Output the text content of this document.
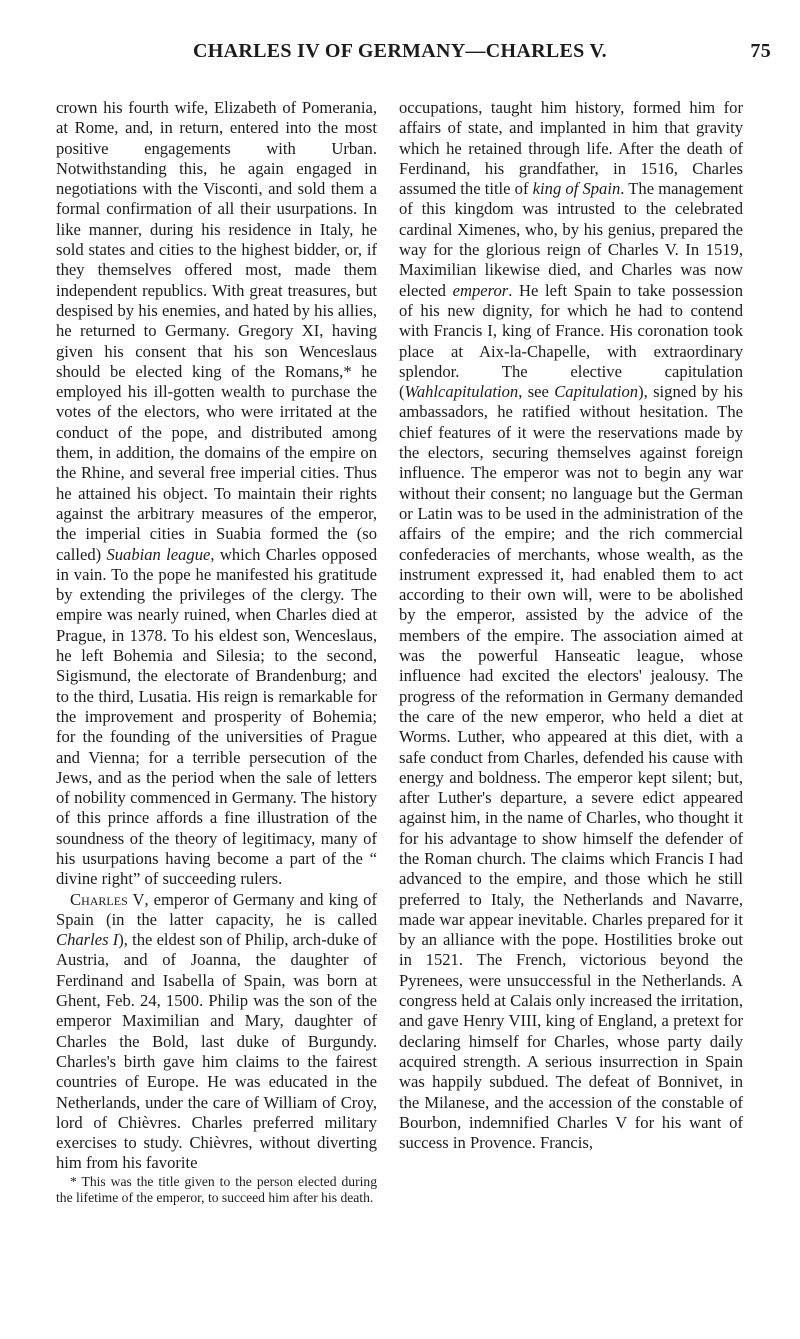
CHARLES IV OF GERMANY—CHARLES V.	75

crown his fourth wife, Elizabeth of Pomerania, at Rome, and, in return, entered into the most positive engagements with Urban. Notwithstanding this, he again engaged in negotiations with the Visconti, and sold them a formal confirmation of all their usurpations. In like manner, during his residence in Italy, he sold states and cities to the highest bidder, or, if they themselves offered most, made them independent republics. With great treasures, but despised by his enemies, and hated by his allies, he returned to Germany. Gregory XI, having given his consent that his son Wenceslaus should be elected king of the Romans,* he employed his ill-gotten wealth to purchase the votes of the electors, who were irritated at the conduct of the pope, and distributed among them, in addition, the domains of the empire on the Rhine, and several free imperial cities. Thus he attained his object. To maintain their rights against the arbitrary measures of the emperor, the imperial cities in Suabia formed the (so called) Suabian league, which Charles opposed in vain. To the pope he manifested his gratitude by extending the privileges of the clergy. The empire was nearly ruined, when Charles died at Prague, in 1378. To his eldest son, Wenceslaus, he left Bohemia and Silesia; to the second, Sigismund, the electorate of Brandenburg; and to the third, Lusatia. His reign is remarkable for the improvement and prosperity of Bohemia; for the founding of the universities of Prague and Vienna; for a terrible persecution of the Jews, and as the period when the sale of letters of nobility commenced in Germany. The history of this prince affords a fine illustration of the soundness of the theory of legitimacy, many of his usurpations having become a part of the “ divine right” of succeeding rulers.

Charles V, emperor of Germany and king of Spain (in the latter capacity, he is called Charles I), the eldest son of Philip, arch-duke of Austria, and of Joanna, the daughter of Ferdinand and Isabella of Spain, was born at Ghent, Feb. 24, 1500. Philip was the son of the emperor Maximilian and Mary, daughter of Charles the Bold, last duke of Burgundy. Charles's birth gave him claims to the fairest countries of Europe. He was educated in the Netherlands, under the care of William of Croy, lord of Chièvres. Charles preferred military exercises to study. Chièvres, without diverting him from his favorite

* This was the title given to the person elected during the lifetime of the emperor, to succeed him after his death.

occupations, taught him history, formed him for affairs of state, and implanted in him that gravity which he retained through life. After the death of Ferdinand, his grandfather, in 1516, Charles assumed the title of king of Spain. The management of this kingdom was intrusted to the celebrated cardinal Ximenes, who, by his genius, prepared the way for the glorious reign of Charles V. In 1519, Maximilian likewise died, and Charles was now elected emperor. He left Spain to take possession of his new dignity, for which he had to contend with Francis I, king of France. His coronation took place at Aix-la-Chapelle, with extraordinary splendor. The elective capitulation (Wahlcapitulation, see Capitulation), signed by his ambassadors, he ratified without hesitation. The chief features of it were the reservations made by the electors, securing themselves against foreign influence. The emperor was not to begin any war without their consent; no language but the German or Latin was to be used in the administration of the affairs of the empire; and the rich commercial confederacies of merchants, whose wealth, as the instrument expressed it, had enabled them to act according to their own will, were to be abolished by the emperor, assisted by the advice of the members of the empire. The association aimed at was the powerful Hanseatic league, whose influence had excited the electors' jealousy. The progress of the reformation in Germany demanded the care of the new emperor, who held a diet at Worms. Luther, who appeared at this diet, with a safe conduct from Charles, defended his cause with energy and boldness. The emperor kept silent; but, after Luther's departure, a severe edict appeared against him, in the name of Charles, who thought it for his advantage to show himself the defender of the Roman church. The claims which Francis I had advanced to the empire, and those which he still preferred to Italy, the Netherlands and Navarre, made war appear inevitable. Charles prepared for it by an alliance with the pope. Hostilities broke out in 1521. The French, victorious beyond the Pyrenees, were unsuccessful in the Netherlands. A congress held at Calais only increased the irritation, and gave Henry VIII, king of England, a pretext for declaring himself for Charles, whose party daily acquired strength. A serious insurrection in Spain was happily subdued. The defeat of Bonnivet, in the Milanese, and the accession of the constable of Bourbon, indemnified Charles V for his want of success in Provence. Francis,
